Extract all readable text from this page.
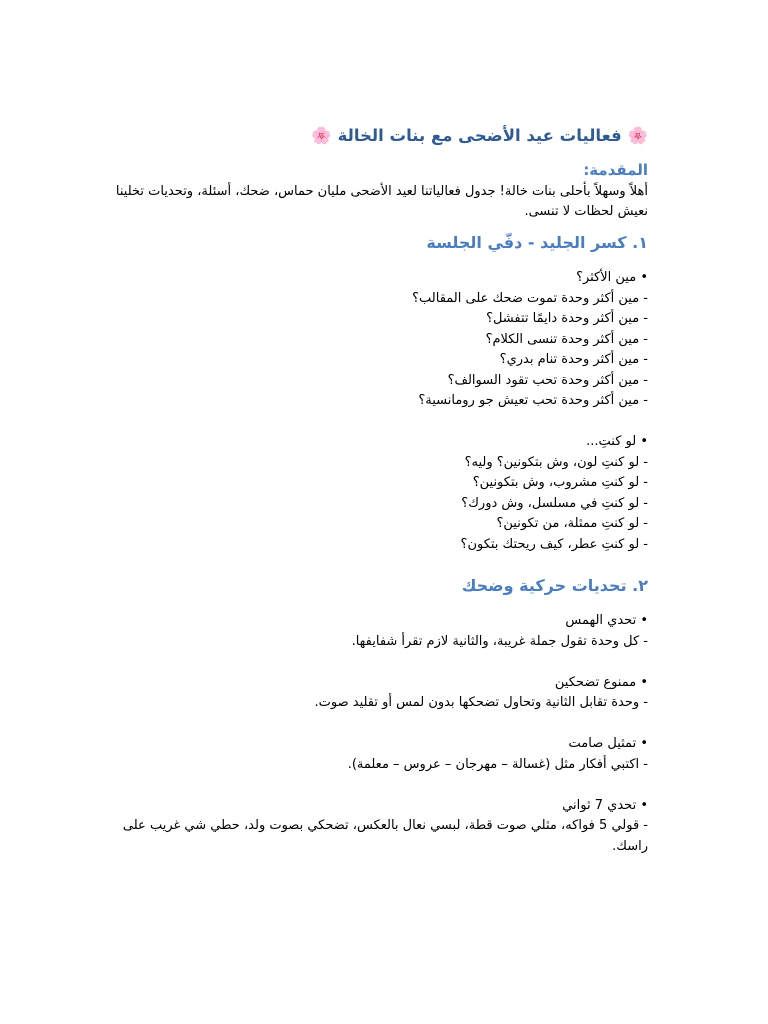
🌸 فعاليات عيد الأضحى مع بنات الخالة 🌸
المقدمة:

أهلاً وسهلاً بأحلى بنات خالة! جدول فعالياتنا لعيد الأضحى مليان حماس، ضحك، أسئلة، وتحديات تخلينا نعيش لحظات لا تنسى.

١. كسر الجليد - دفّي الجلسة
• مين الأكثر؟
- مين أكثر وحدة تموت ضحك على المقالب؟
- مين أكثر وحدة دايمًا تتفشل؟
- مين أكثر وحدة تنسى الكلام؟
- مين أكثر وحدة تنام بدري؟
- مين أكثر وحدة تحب تقود السوالف؟
- مين أكثر وحدة تحب تعيش جو رومانسية؟
• لو كنتِ...
- لو كنتِ لون، وش بتكونين؟ وليه؟
- لو كنتِ مشروب، وش بتكونين؟
- لو كنتِ في مسلسل، وش دورك؟
- لو كنتِ ممثلة، من تكونين؟
- لو كنتِ عطر، كيف ريحتك بتكون؟
٢. تحديات حركية وضحك
• تحدي الهمس
- كل وحدة تقول جملة غريبة، والثانية لازم تقرأ شفايفها.
• ممنوع تضحكين
- وحدة تقابل الثانية وتحاول تضحكها بدون لمس أو تقليد صوت.
• تمثيل صامت
- اكتبي أفكار مثل (غسالة – مهرجان – عروس – معلمة).
• تحدي 7 ثواني
- قولي 5 فواكه، مثلي صوت قطة، لبسي نعال بالعكس، تضحكي بصوت ولد، حطي شي غريب على راسك.
